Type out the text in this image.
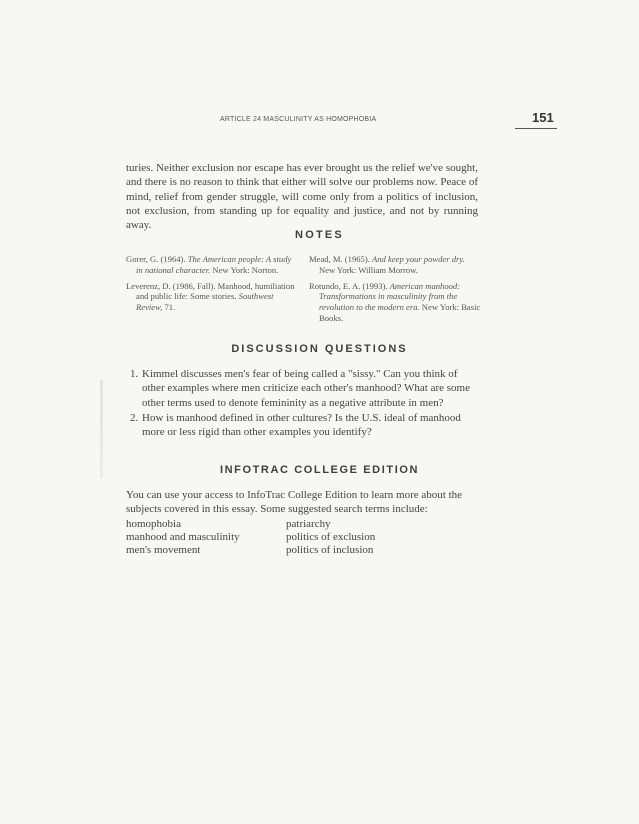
ARTICLE 24 MASCULINITY AS HOMOPHOBIA	151

turies. Neither exclusion nor escape has ever brought us the relief we've sought, and there is no reason to think that either will solve our problems now. Peace of mind, relief from gender struggle, will come only from a politics of inclusion, not exclusion, from standing up for equality and justice, and not by running away.

NOTES

Gorer, G. (1964). The American people: A study in national character. New York: Norton.

Leverenz, D. (1986, Fall). Manhood, humiliation and public life: Some stories. Southwest Review, 71.

Mead, M. (1965). And keep your powder dry. New York: William Morrow.

Rotundo, E. A. (1993). American manhood: Transformations in masculinity from the revolution to the modern era. New York: Basic Books.

DISCUSSION QUESTIONS
1. Kimmel discusses men's fear of being called a "sissy." Can you think of other examples where men criticize each other's manhood? What are some other terms used to denote femininity as a negative attribute in men?
2. How is manhood defined in other cultures? Is the U.S. ideal of manhood more or less rigid than other examples you identify?
INFOTRAC COLLEGE EDITION

You can use your access to InfoTrac College Edition to learn more about the subjects covered in this essay. Some suggested search terms include:

homophobia
manhood and masculinity
men's movement
patriarchy
politics of exclusion
politics of inclusion
